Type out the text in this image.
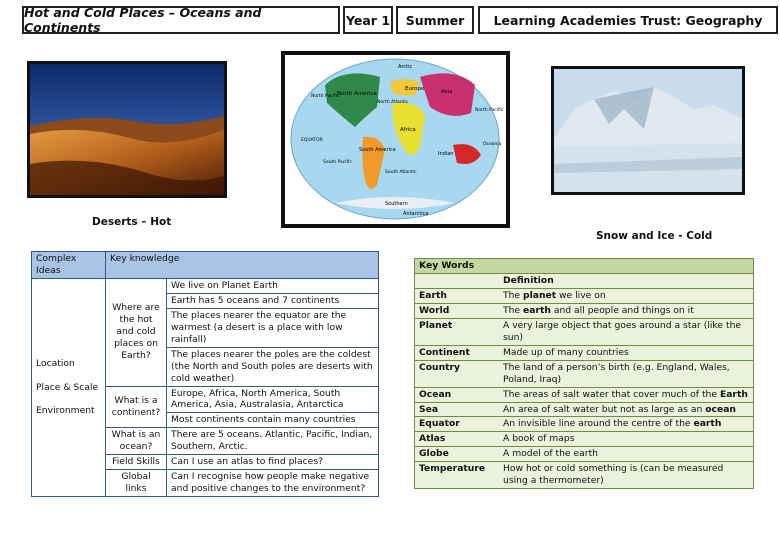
Hot and Cold Places – Oceans and Continents	Year 1	Summer	Learning Academies Trust: Geography
Deserts – Hot
Arctic
North America
Europe	Asia
North Atlantic
North Pacific
North Pacific
Africa
EQUATOR
Indian
Oceania
South America
South Pacific
South Atlantic
Southern
Antarctica
Snow and Ice - Cold
Complex Ideas	Key knowledge	

Location

Place & Scale

Environment	Where are the hot and cold places on Earth?	We live on Planet Earth
		Earth has 5 oceans and 7 continents
		The places nearer the equator are the warmest (a desert is a place with low rainfall)
		The places nearer the poles are the coldest (the North and South poles are deserts with cold weather)
	What is a continent?	Europe, Africa, North America, South America, Asia, Australasia, Antarctica
		Most continents contain many countries
	What is an ocean?	There are 5 oceans. Atlantic, Pacific, Indian, Southern, Arctic.
	Field Skills	Can I use an atlas to find places?
	Global links	Can I recognise how people make negative and positive changes to the environment?
Key Words	
	Definition
Earth	The planet we live on
World	The earth and all people and things on it
Planet	A very large object that goes around a star (like the sun)
Continent	Made up of many countries
Country	The land of a person’s birth (e.g. England, Wales, Poland, Iraq)
Ocean	The areas of salt water that cover much of the Earth
Sea	An area of salt water but not as large as an ocean
Equator	An invisible line around the centre of the earth
Atlas	A book of maps
Globe	A model of the earth
Temperature	How hot or cold something is (can be measured using a thermometer)
